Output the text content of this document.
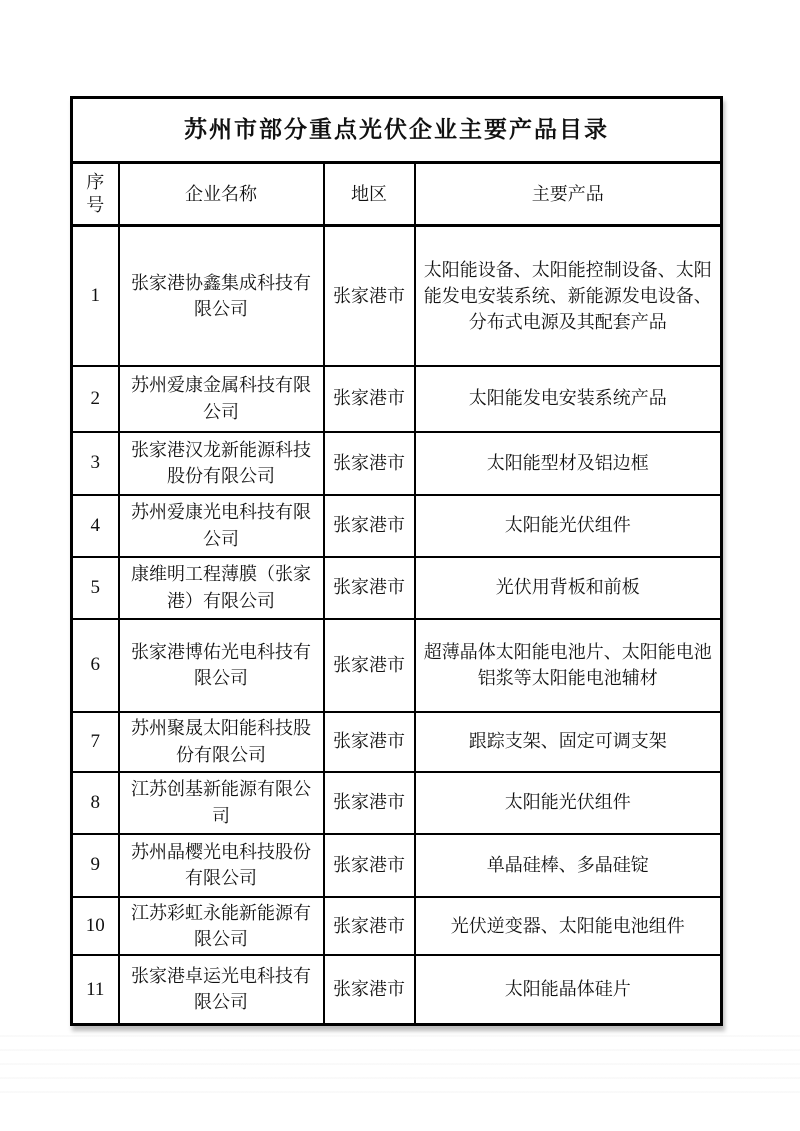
苏州市部分重点光伏企业主要产品目录			
序号	企业名称	地区	主要产品
1	张家港协鑫集成科技有限公司	张家港市	太阳能设备、太阳能控制设备、太阳能发电安装系统、新能源发电设备、分布式电源及其配套产品
2	苏州爱康金属科技有限公司	张家港市	太阳能发电安装系统产品
3	张家港汉龙新能源科技股份有限公司	张家港市	太阳能型材及铝边框
4	苏州爱康光电科技有限公司	张家港市	太阳能光伏组件
5	康维明工程薄膜（张家港）有限公司	张家港市	光伏用背板和前板
6	张家港博佑光电科技有限公司	张家港市	超薄晶体太阳能电池片、太阳能电池铝浆等太阳能电池辅材
7	苏州聚晟太阳能科技股份有限公司	张家港市	跟踪支架、固定可调支架
8	江苏创基新能源有限公司	张家港市	太阳能光伏组件
9	苏州晶樱光电科技股份有限公司	张家港市	单晶硅棒、多晶硅锭
10	江苏彩虹永能新能源有限公司	张家港市	光伏逆变器、太阳能电池组件
11	张家港卓运光电科技有限公司	张家港市	太阳能晶体硅片
